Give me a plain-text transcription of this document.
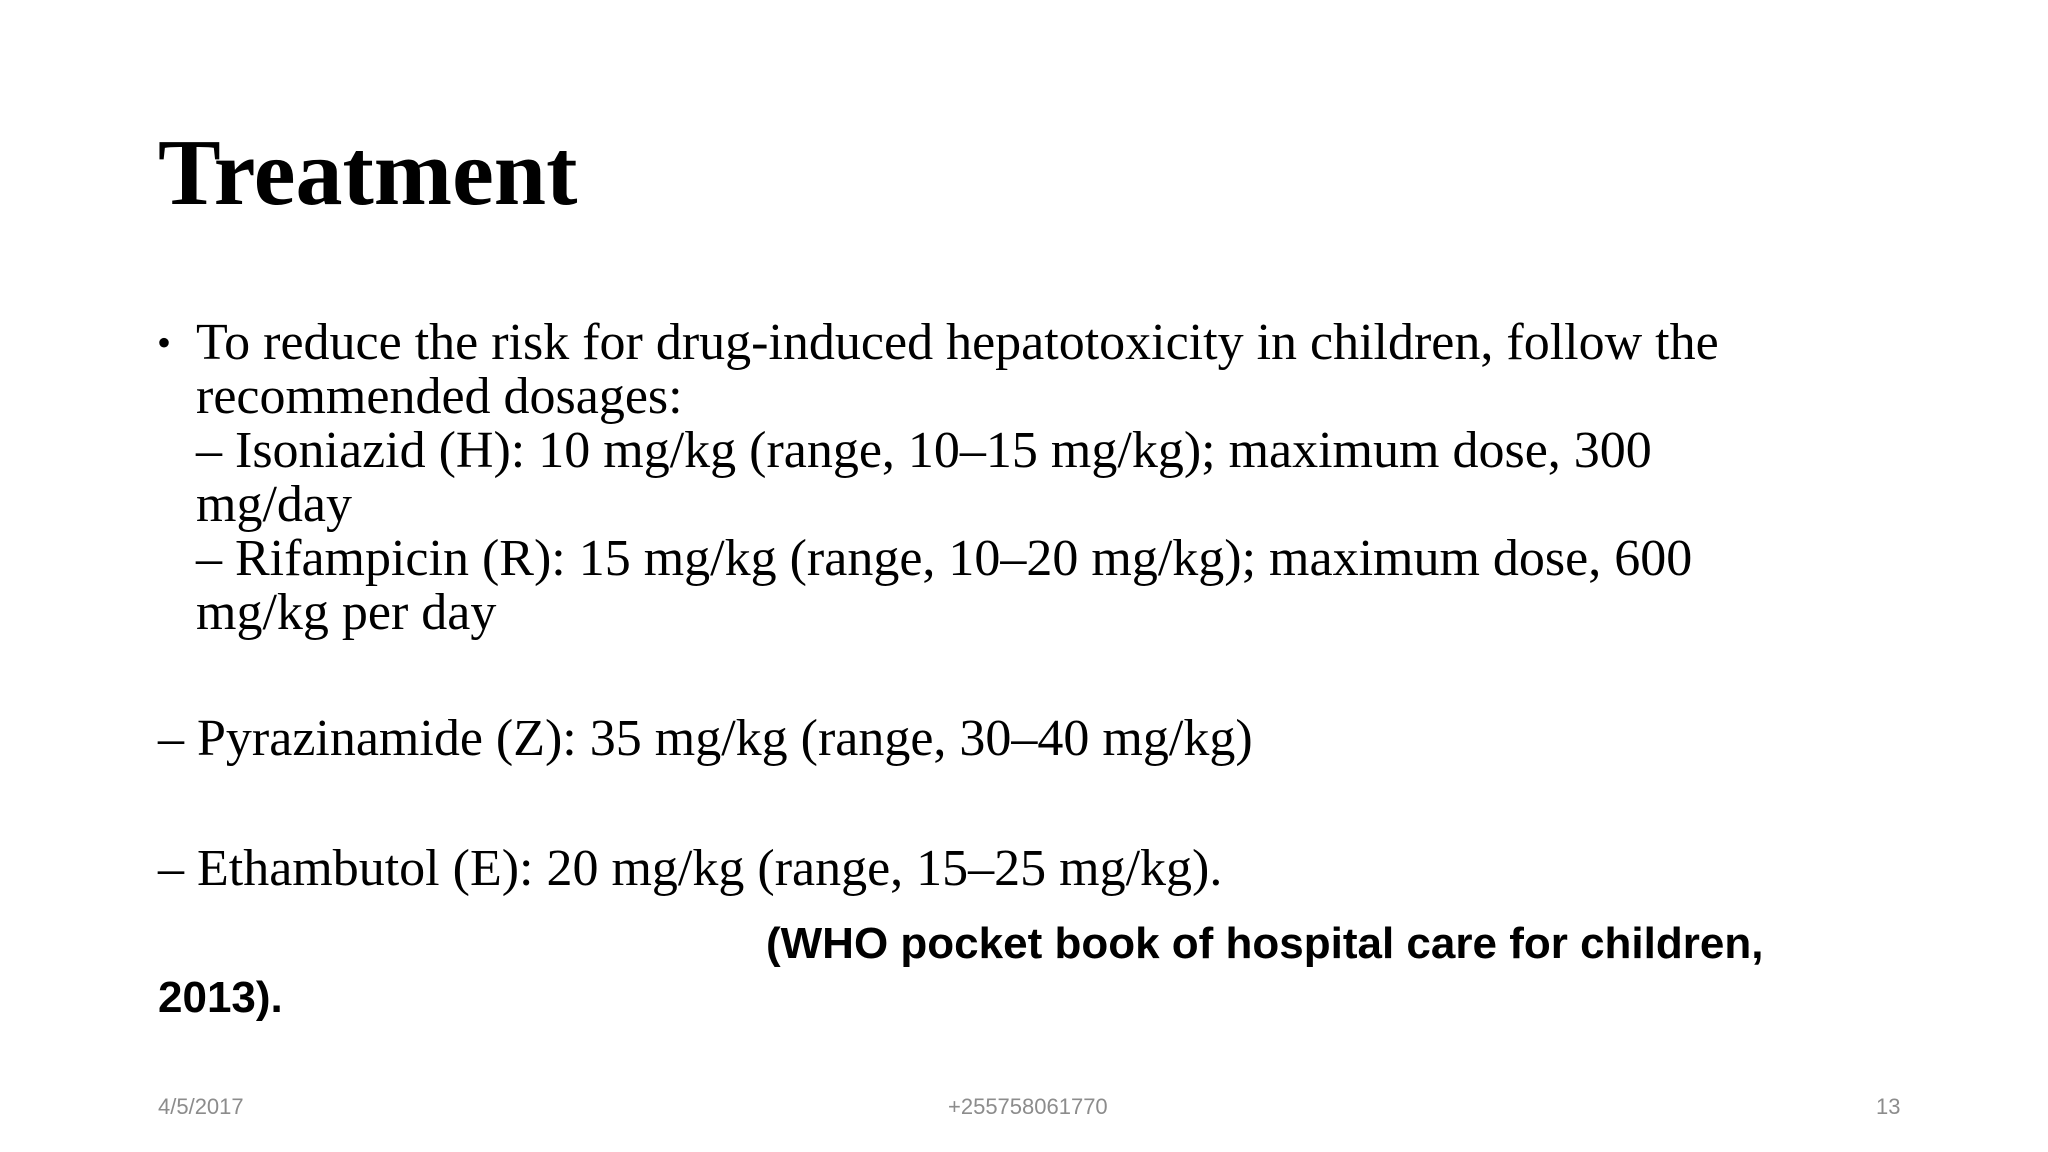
Treatment
• To reduce the risk for drug-induced hepatotoxicity in children, follow the
recommended dosages:
– Isoniazid (H): 10 mg/kg (range, 10–15 mg/kg); maximum dose, 300
mg/day
– Rifampicin (R): 15 mg/kg (range, 10–20 mg/kg); maximum dose, 600
mg/kg per day
– Pyrazinamide (Z): 35 mg/kg (range, 30–40 mg/kg)
– Ethambutol (E): 20 mg/kg (range, 15–25 mg/kg).
(WHO pocket book of hospital care for children,
2013).
4/5/2017	+255758061770	13
